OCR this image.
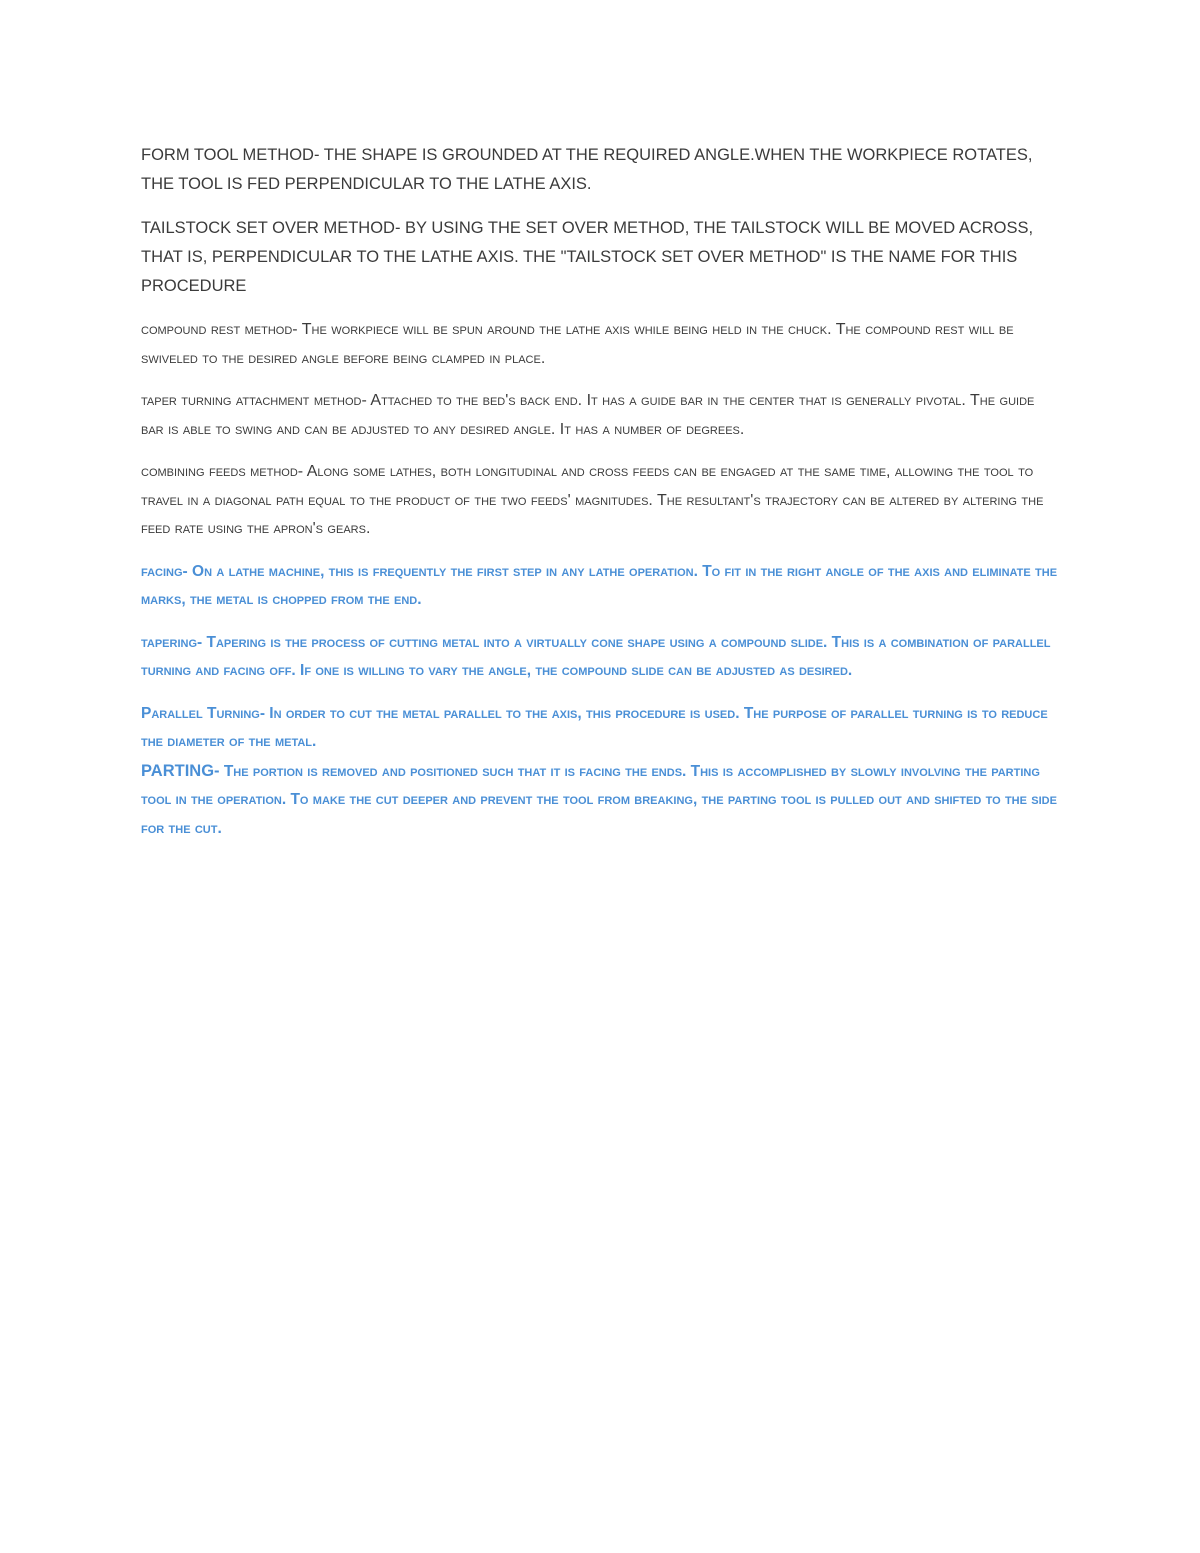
FORM TOOL METHOD- THE SHAPE IS GROUNDED AT THE REQUIRED ANGLE.WHEN THE WORKPIECE ROTATES, THE TOOL IS FED PERPENDICULAR TO THE LATHE AXIS.

TAILSTOCK SET OVER METHOD- BY USING THE SET OVER METHOD, THE TAILSTOCK WILL BE MOVED ACROSS, THAT IS, PERPENDICULAR TO THE LATHE AXIS. THE "TAILSTOCK SET OVER METHOD" IS THE NAME FOR THIS PROCEDURE

compound rest method- The workpiece will be spun around the lathe axis while being held in the chuck. The compound rest will be swiveled to the desired angle before being clamped in place.

taper turning attachment method- Attached to the bed's back end. It has a guide bar in the center that is generally pivotal. The guide bar is able to swing and can be adjusted to any desired angle. It has a number of degrees.

combining feeds method- Along some lathes, both longitudinal and cross feeds can be engaged at the same time, allowing the tool to travel in a diagonal path equal to the product of the two feeds' magnitudes. The resultant's trajectory can be altered by altering the feed rate using the apron's gears.

facing- On a lathe machine, this is frequently the first step in any lathe operation. To fit in the right angle of the axis and eliminate the marks, the metal is chopped from the end.

tapering- Tapering is the process of cutting metal into a virtually cone shape using a compound slide. This is a combination of parallel turning and facing off. If one is willing to vary the angle, the compound slide can be adjusted as desired.

Parallel Turning- In order to cut the metal parallel to the axis, this procedure is used. The purpose of parallel turning is to reduce the diameter of the metal.

PARTING- The portion is removed and positioned such that it is facing the ends. This is accomplished by slowly involving the parting tool in the operation. To make the cut deeper and prevent the tool from breaking, the parting tool is pulled out and shifted to the side for the cut.
